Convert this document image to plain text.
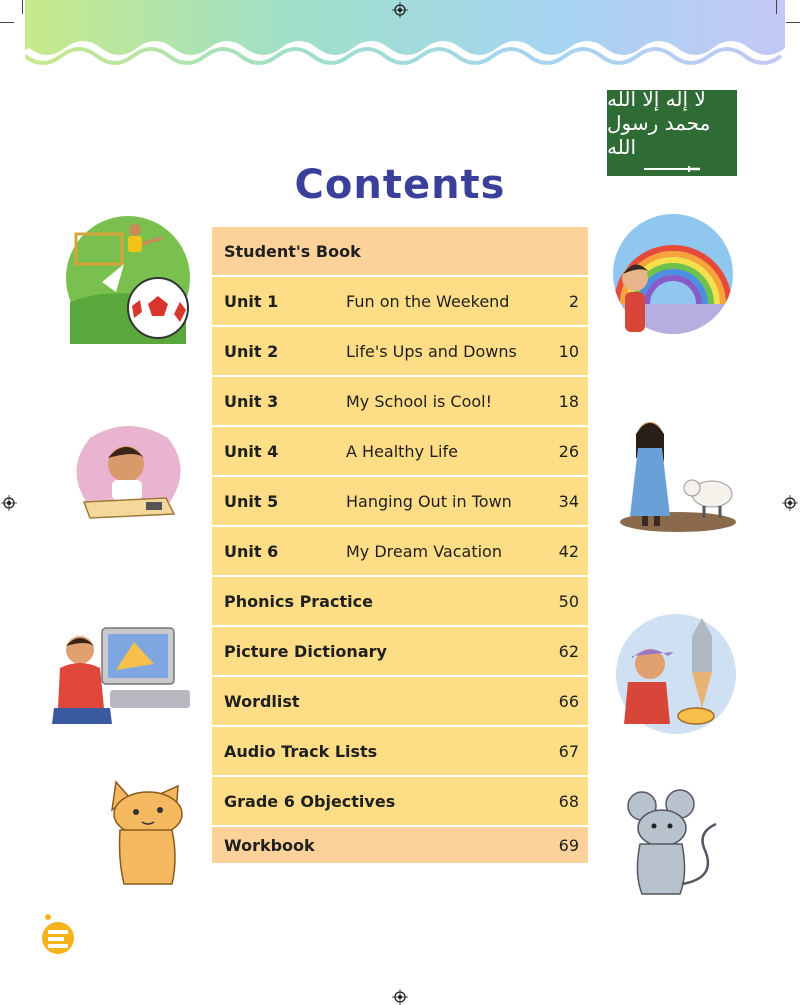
لا إله إلا الله محمد رسول الله
Contents
Student's Book
Unit 1	Fun on the Weekend	2
Unit 2	Life's Ups and Downs	10
Unit 3	My School is Cool!	18
Unit 4	A Healthy Life	26
Unit 5	Hanging Out in Town	34
Unit 6	My Dream Vacation	42
Phonics Practice	50
Picture Dictionary	62
Wordlist	66
Audio Track Lists	67
Grade 6 Objectives	68
Workbook	69
